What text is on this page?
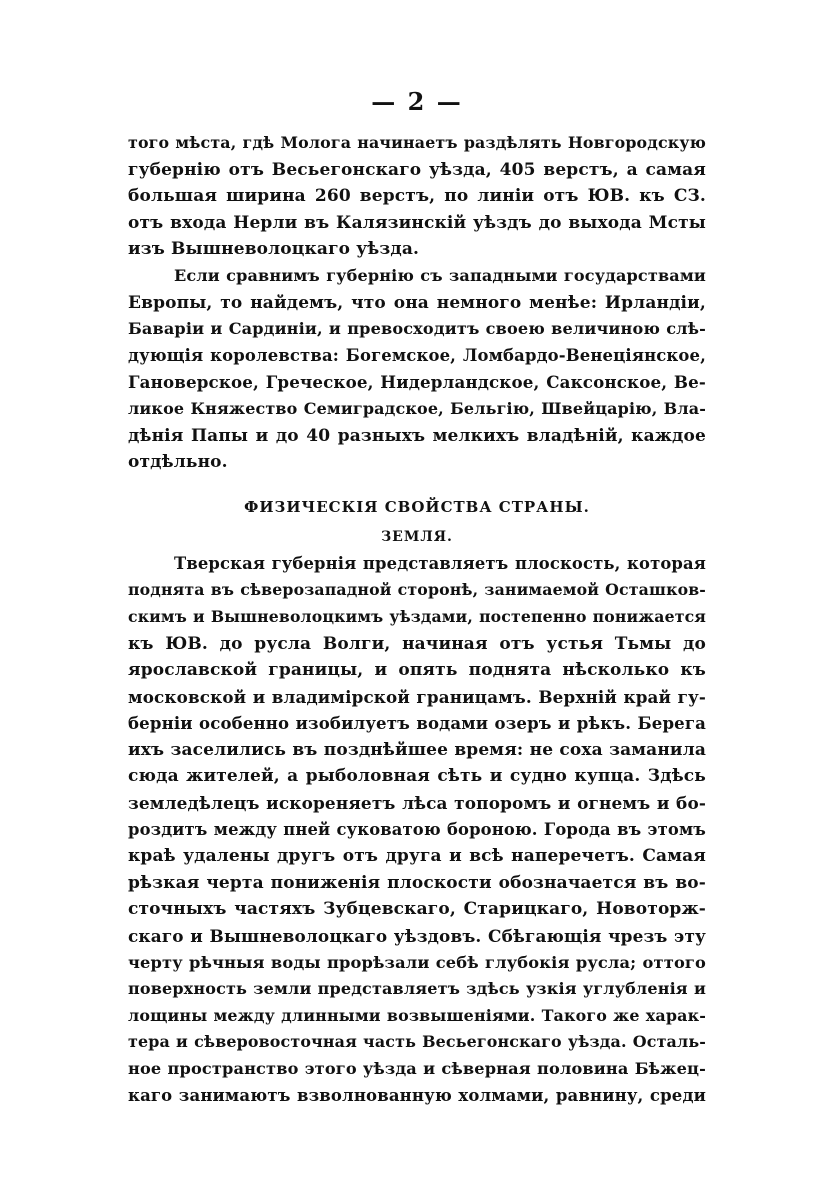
— 2 —
того мѣста, гдѣ Молога начинаетъ раздѣлять Новгородскую
губернію отъ Весьегонскаго уѣзда, 405 верстъ, а самая
большая ширина 260 верстъ, по линіи отъ ЮВ. къ СЗ.
отъ входа Нерли въ Калязинскій уѣздъ до выхода Мсты
изъ Вышневолоцкаго уѣзда.
Если сравнимъ губернію съ западными государствами
Европы, то найдемъ, что она немного менѣе: Ирландіи,
Баваріи и Сардиніи, и превосходитъ своею величиною слѣ-
дующія королевства: Богемское, Ломбардо-Венеціянское,
Гановерское, Греческое, Нидерландское, Саксонское, Ве-
ликое Княжество Семиградское, Бельгію, Швейцарію, Вла-
дѣнія Папы и до 40 разныхъ мелкихъ владѣній, каждое
отдѣльно.
ФИЗИЧЕСКІЯ СВОЙСТВА СТРАНЫ.
ЗЕМЛЯ.
Тверская губернія представляетъ плоскость, которая
поднята въ сѣверозападной сторонѣ, занимаемой Осташков-
скимъ и Вышневолоцкимъ уѣздами, постепенно понижается
къ ЮВ. до русла Волги, начиная отъ устья Тьмы до
ярославской границы, и опять поднята нѣсколько къ
московской и владимірской границамъ. Верхній край гу-
берніи особенно изобилуетъ водами озеръ и рѣкъ. Берега
ихъ заселились въ позднѣйшее время: не соха заманила
сюда жителей, а рыболовная сѣть и судно купца. Здѣсь
земледѣлецъ искореняетъ лѣса топоромъ и огнемъ и бо-
роздитъ между пней суковатою бороною. Города въ этомъ
краѣ удалены другъ отъ друга и всѣ наперечетъ. Самая
рѣзкая черта пониженія плоскости обозначается въ во-
сточныхъ частяхъ Зубцевскаго, Старицкаго, Новоторж-
скаго и Вышневолоцкаго уѣздовъ. Сбѣгающія чрезъ эту
черту рѣчныя воды прорѣзали себѣ глубокія русла; оттого
поверхность земли представляетъ здѣсь узкія углубленія и
лощины между длинными возвышеніями. Такого же харак-
тера и сѣверовосточная часть Весьегонскаго уѣзда. Осталь-
ное пространство этого уѣзда и сѣверная половина Бѣжец-
каго занимаютъ взволнованную холмами, равнину, среди
